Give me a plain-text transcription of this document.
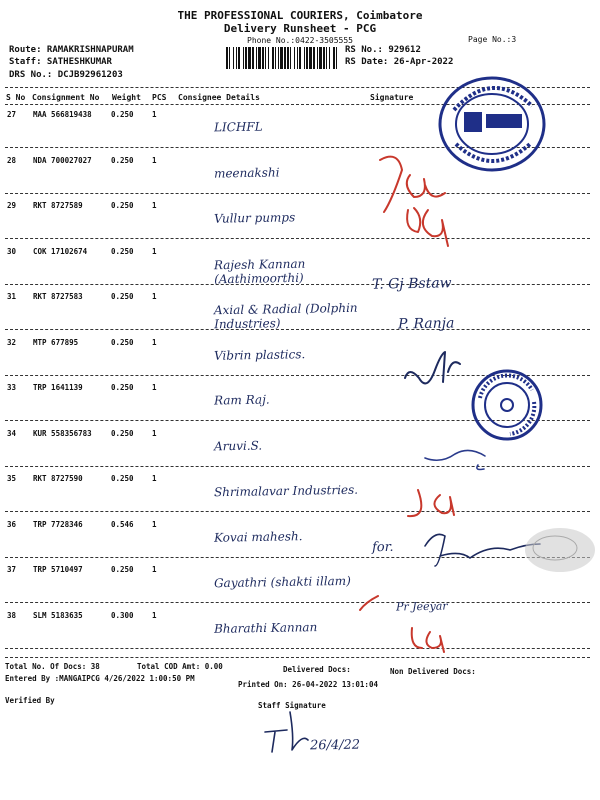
THE PROFESSIONAL COURIERS, Coimbatore
Delivery Runsheet - PCG
Phone No.:0422-3505555	Page No.:3
Route: RAMAKRISHNAPURAM
Staff: SATHESHKUMAR
DRS No.: DCJB92961203
RS No.: 929612
RS Date: 26-Apr-2022
S No Consignment No Weight PCS Consignee Details	Signature
27 MAA 566819438	0.250 1
LICHFL
28 NDA 700027027	0.250 1
meenakshi
29 RKT 8727589	0.250 1
Vullur pumps
30 COK 17102674	0.250 1
Rajesh Kannan (Aathimoorthi)
31 RKT 8727583	0.250 1
Axial & Radial (Dolphin Industries)
32 MTP 677895	0.250 1
Vibrin plastics.
33 TRP 1641139	0.250 1
Ram Raj.
34 KUR 558356783	0.250 1
Aruvi.S.
35 RKT 8727590	0.250 1
Shrimalavar Industries.
36 TRP 7728346	0.546 1
Kovai mahesh.
37 TRP 5710497	0.250 1
Gayathri (shakti illam)
38 SLM 5183635	0.300 1
Bharathi Kannan
T. Gj Bstaw
P. Ranja
for.
Pr Jeeyar
Total No. Of Docs: 38	Total COD Amt: 0.00	Delivered Docs:	Non Delivered Docs:
Entered By :MANGAIPCG 4/26/2022 1:00:50 PM
Printed On: 26-04-2022 13:01:04
Verified By
Staff Signature
26/4/22
